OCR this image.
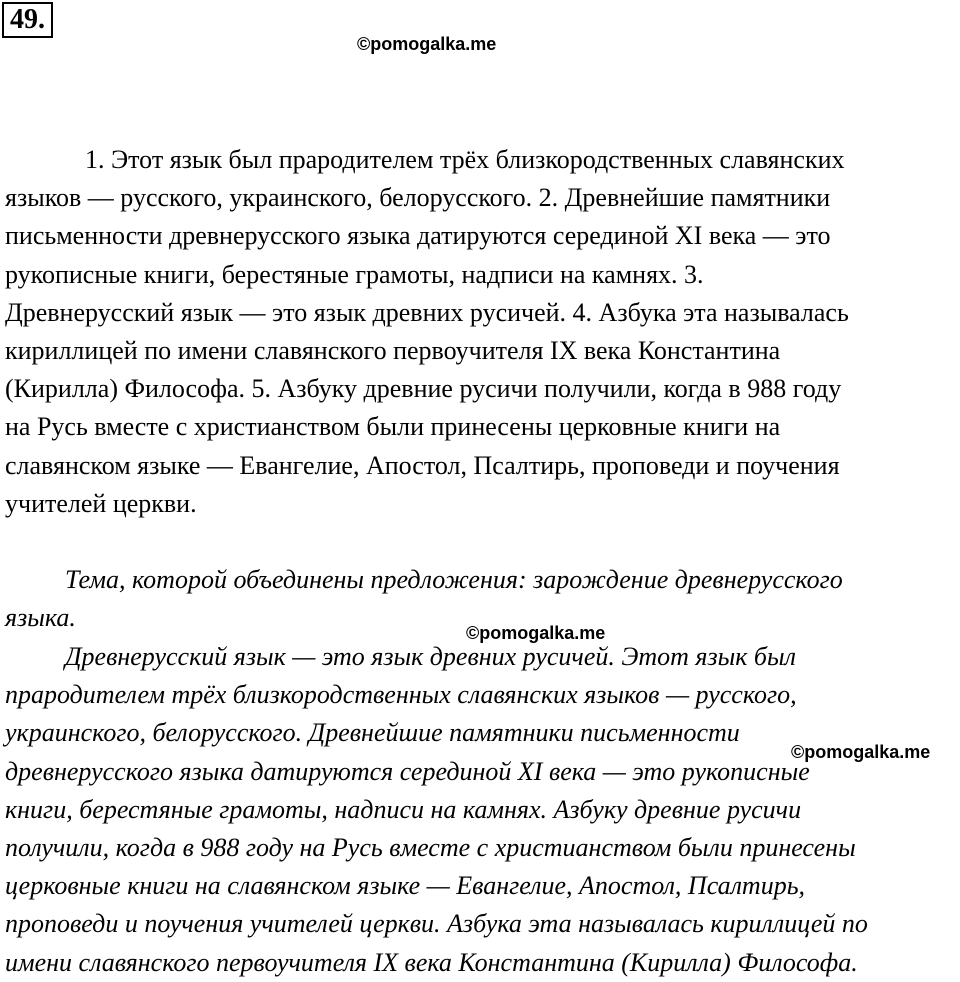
49.
©pomogalka.me
1. Этот язык был прародителем трёх близкородственных славянских
языков — русского, украинского, белорусского. 2. Древнейшие памятники
письменности древнерусского языка датируются серединой XI века — это
рукописные книги, берестяные грамоты, надписи на камнях. 3.
Древнерусский язык — это язык древних русичей. 4. Азбука эта называлась
кириллицей по имени славянского первоучителя IX века Константина
(Кирилла) Философа. 5. Азбуку древние русичи получили, когда в 988 году
на Русь вместе с христианством были принесены церковные книги на
славянском языке — Евангелие, Апостол, Псалтирь, проповеди и поучения
учителей церкви.
Тема, которой объединены предложения: зарождение древнерусского
языка.
©pomogalka.me
Древнерусский язык — это язык древних русичей. Этот язык был
прародителем трёх близкородственных славянских языков — русского,
украинского, белорусского. Древнейшие памятники письменности
древнерусского языка датируются серединой XI века — это рукописные
книги, берестяные грамоты, надписи на камнях. Азбуку древние русичи
получили, когда в 988 году на Русь вместе с христианством были принесены
церковные книги на славянском языке — Евангелие, Апостол, Псалтирь,
проповеди и поучения учителей церкви. Азбука эта называлась кириллицей по
имени славянского первоучителя IX века Константина (Кирилла) Философа.
©pomogalka.me
